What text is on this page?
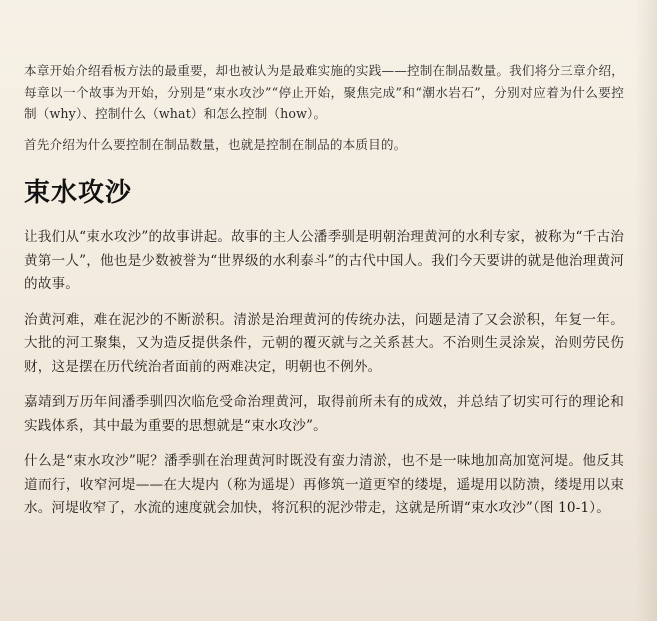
本章开始介绍看板方法的最重要，却也被认为是最难实施的实践——控制在制品数量。我们将分三章介绍，每章以一个故事为开始，分别是“束水攻沙”“停止开始，聚焦完成”和“潮水岩石”，分别对应着为什么要控制（why）、控制什么（what）和怎么控制（how）。

首先介绍为什么要控制在制品数量，也就是控制在制品的本质目的。

束水攻沙

让我们从“束水攻沙”的故事讲起。故事的主人公潘季驯是明朝治理黄河的水利专家，被称为“千古治黄第一人”，他也是少数被誉为“世界级的水利泰斗”的古代中国人。我们今天要讲的就是他治理黄河的故事。

治黄河难，难在泥沙的不断淤积。清淤是治理黄河的传统办法，问题是清了又会淤积，年复一年。大批的河工聚集，又为造反提供条件，元朝的覆灭就与之关系甚大。不治则生灵涂炭，治则劳民伤财，这是摆在历代统治者面前的两难决定，明朝也不例外。

嘉靖到万历年间潘季驯四次临危受命治理黄河，取得前所未有的成效，并总结了切实可行的理论和实践体系，其中最为重要的思想就是“束水攻沙”。

什么是“束水攻沙”呢？潘季驯在治理黄河时既没有蛮力清淤，也不是一味地加高加宽河堤。他反其道而行，收窄河堤——在大堤内（称为遥堤）再修筑一道更窄的缕堤，遥堤用以防溃，缕堤用以束水。河堤收窄了，水流的速度就会加快，将沉积的泥沙带走，这就是所谓“束水攻沙”（图 10-1）。
